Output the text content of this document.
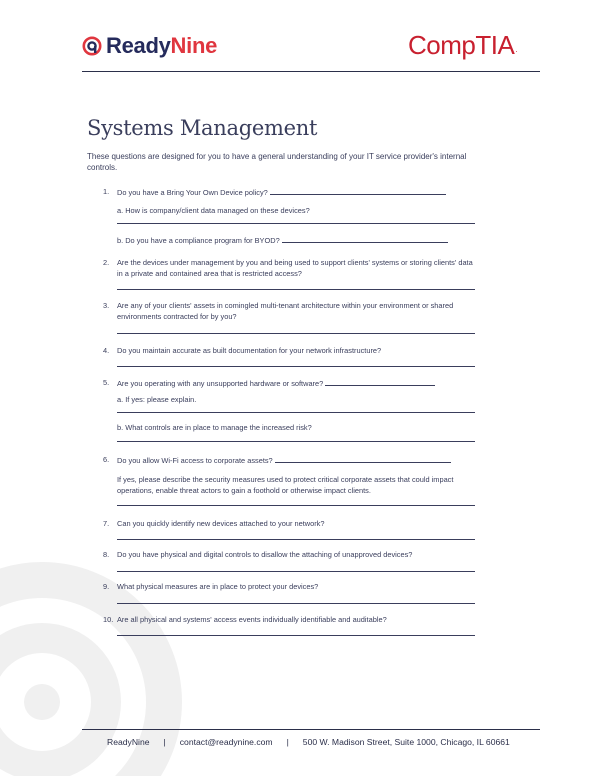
Ready Nine	CompTIA.
Systems Management
These questions are designed for you to have a general understanding of your IT service provider's internal controls.
1. Do you have a Bring Your Own Device policy?
a. How is company/client data managed on these devices?
b. Do you have a compliance program for BYOD?
2. Are the devices under management by you and being used to support clients' systems or storing clients' data in a private and contained area that is restricted access?
3. Are any of your clients' assets in comingled multi-tenant architecture within your environment or shared environments contracted for by you?
4. Do you maintain accurate as built documentation for your network infrastructure?
5. Are you operating with any unsupported hardware or software?
a. If yes: please explain.
b. What controls are in place to manage the increased risk?
6. Do you allow Wi-Fi access to corporate assets?
If yes, please describe the security measures used to protect critical corporate assets that could impact operations, enable threat actors to gain a foothold or otherwise impact clients.
7. Can you quickly identify new devices attached to your network?
8. Do you have physical and digital controls to disallow the attaching of unapproved devices?
9. What physical measures are in place to protect your devices?
10. Are all physical and systems' access events individually identifiable and auditable?
ReadyNine | contact@readynine.com | 500 W. Madison Street, Suite 1000, Chicago, IL 60661
